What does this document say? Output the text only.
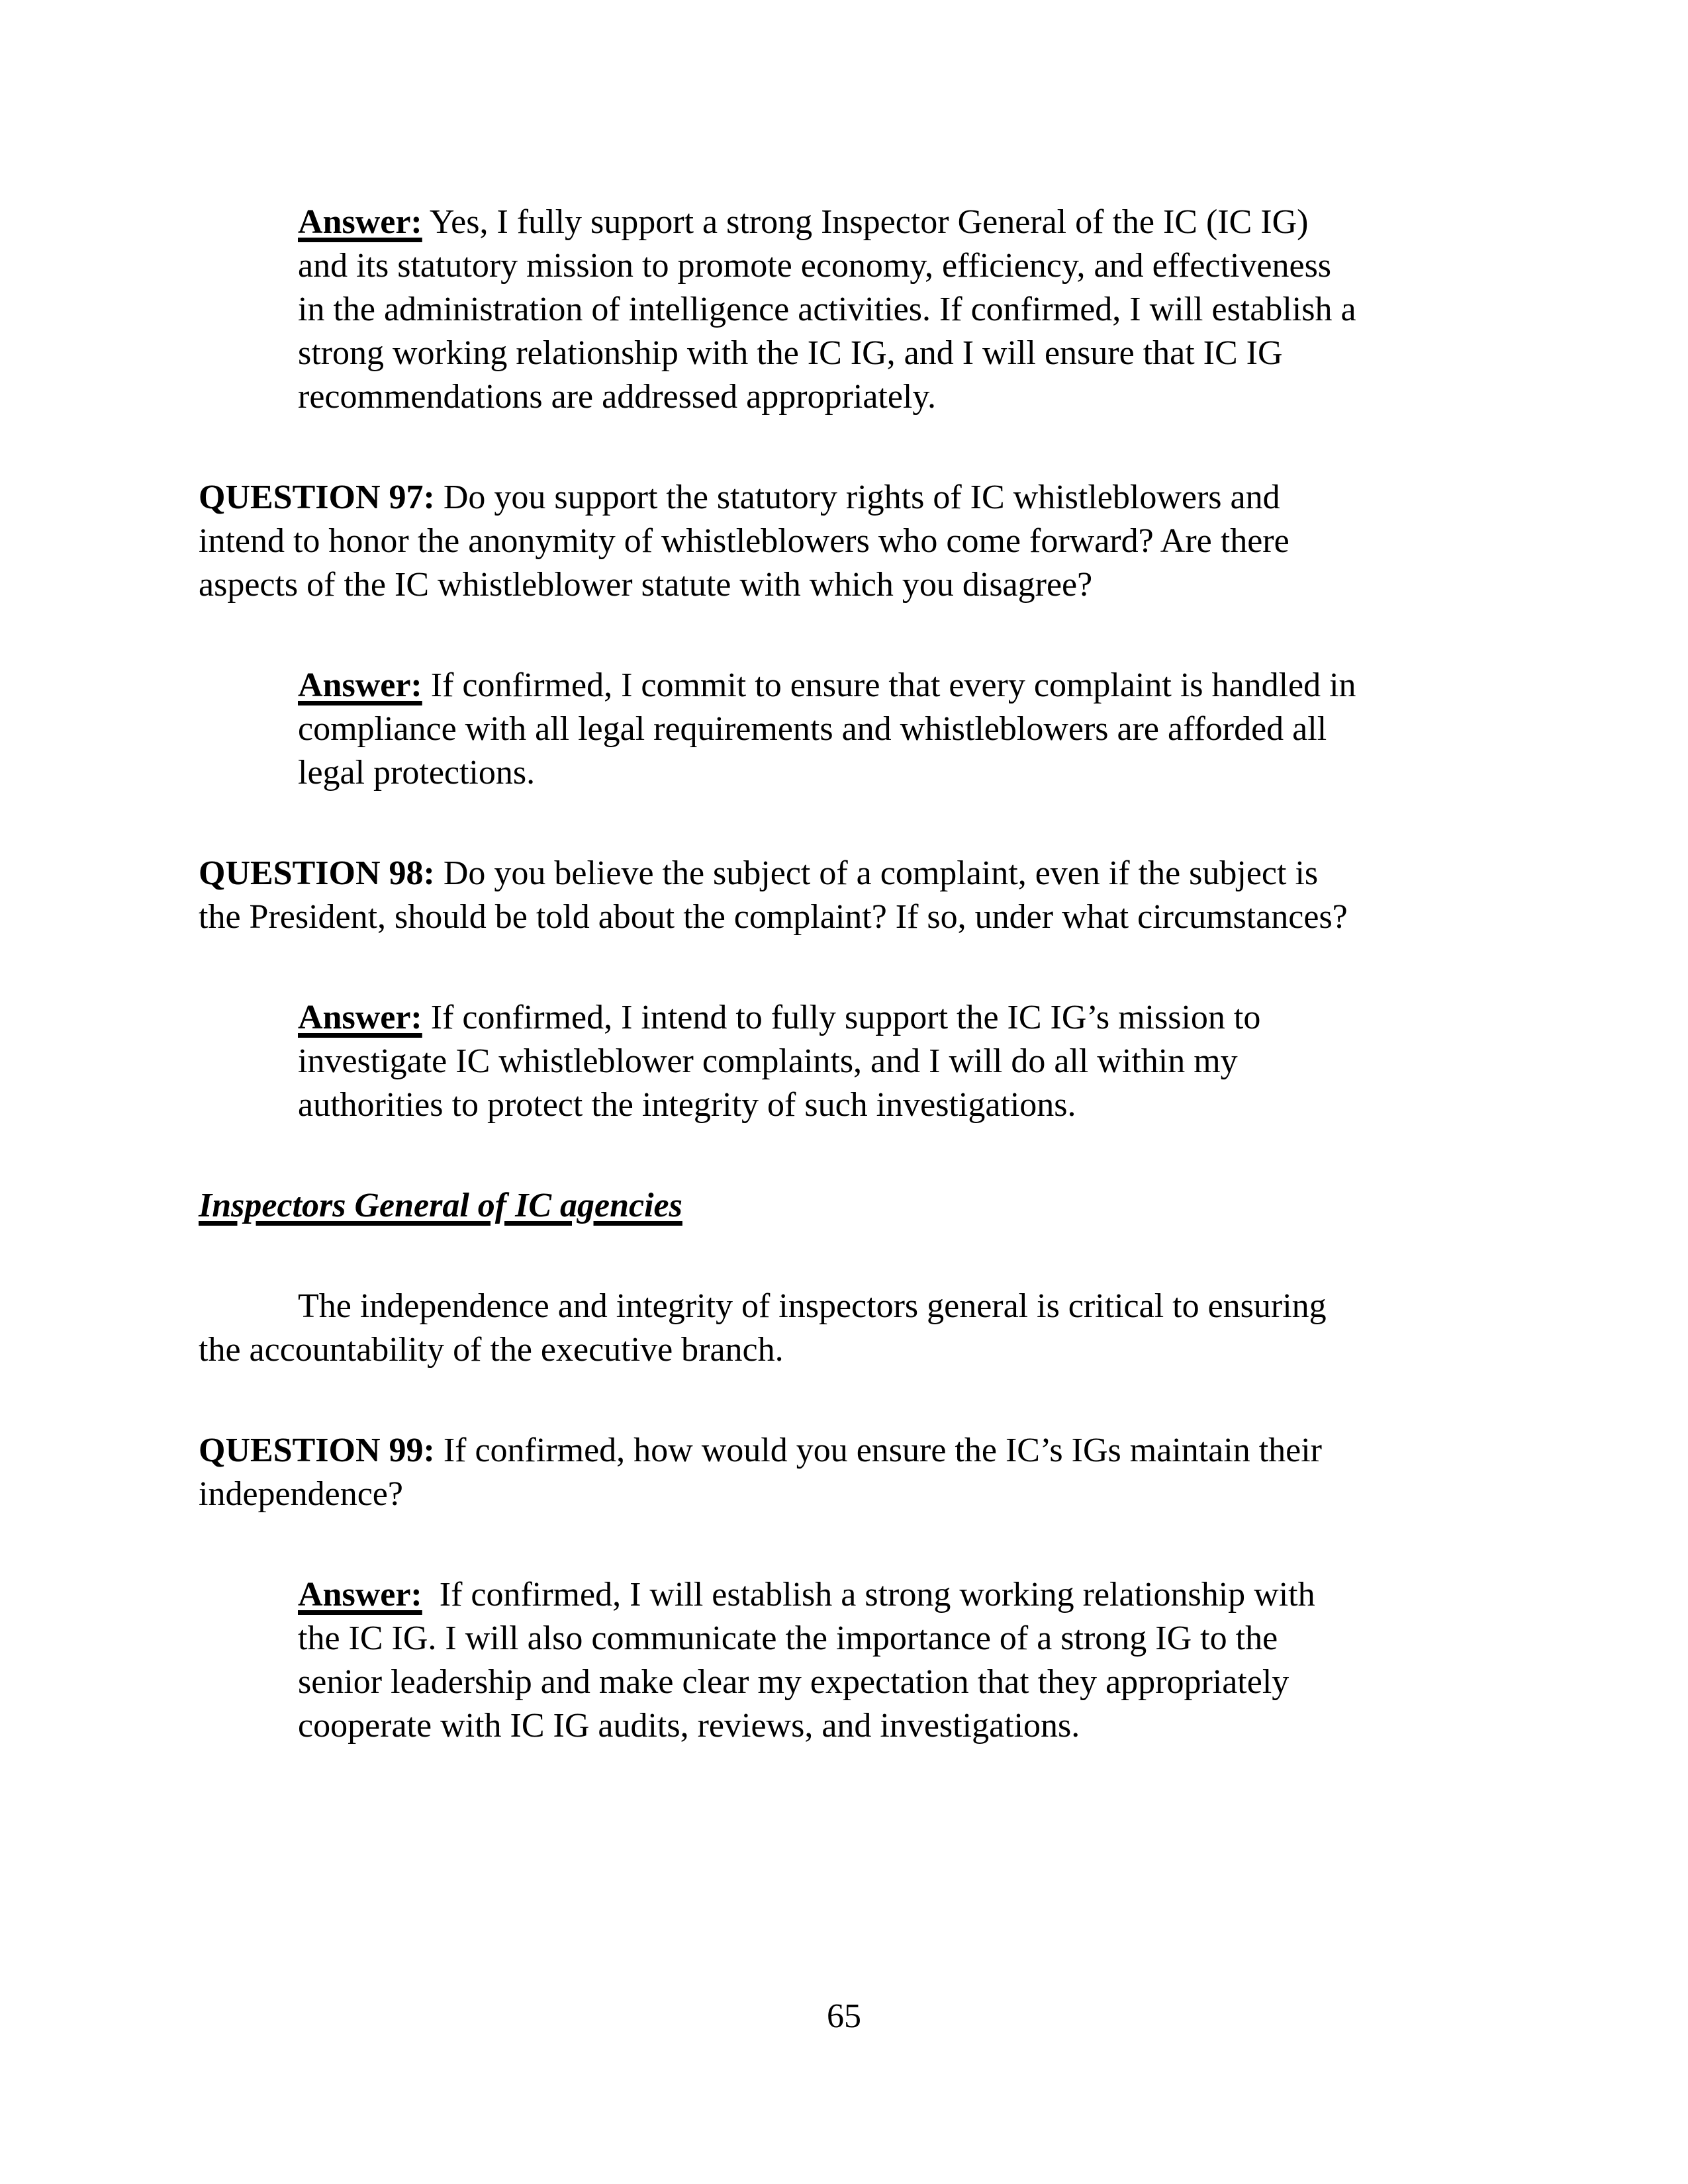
Answer: Yes, I fully support a strong Inspector General of the IC (IC IG)
and its statutory mission to promote economy, efficiency, and effectiveness
in the administration of intelligence activities. If confirmed, I will establish a
strong working relationship with the IC IG, and I will ensure that IC IG
recommendations are addressed appropriately.
QUESTION 97: Do you support the statutory rights of IC whistleblowers and
intend to honor the anonymity of whistleblowers who come forward? Are there
aspects of the IC whistleblower statute with which you disagree?
Answer: If confirmed, I commit to ensure that every complaint is handled in
compliance with all legal requirements and whistleblowers are afforded all
legal protections.
QUESTION 98: Do you believe the subject of a complaint, even if the subject is
the President, should be told about the complaint? If so, under what circumstances?
Answer: If confirmed, I intend to fully support the IC IG’s mission to
investigate IC whistleblower complaints, and I will do all within my
authorities to protect the integrity of such investigations.
Inspectors General of IC agencies
The independence and integrity of inspectors general is critical to ensuring
the accountability of the executive branch.
QUESTION 99: If confirmed, how would you ensure the IC’s IGs maintain their
independence?
Answer:  If confirmed, I will establish a strong working relationship with
the IC IG. I will also communicate the importance of a strong IG to the
senior leadership and make clear my expectation that they appropriately
cooperate with IC IG audits, reviews, and investigations.
65
